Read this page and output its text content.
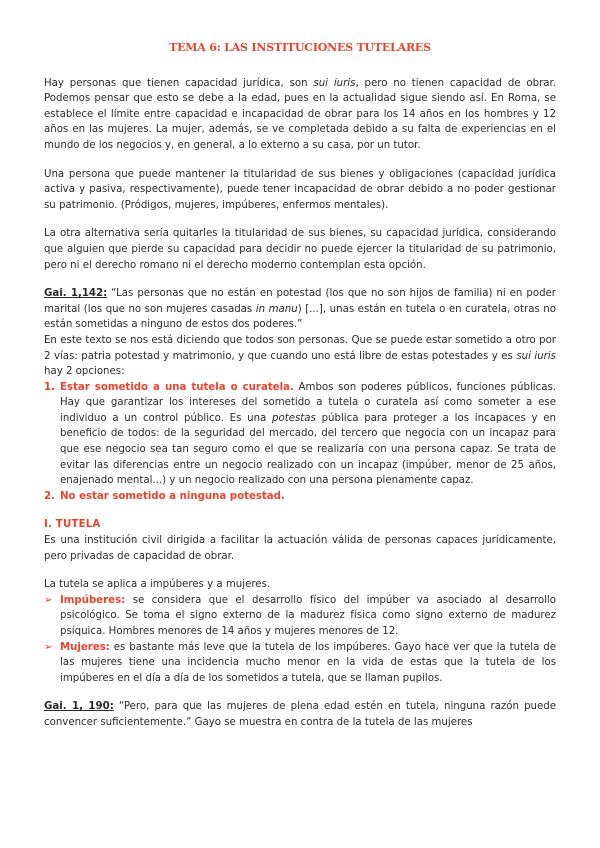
TEMA 6: LAS INSTITUCIONES TUTELARES

Hay personas que tienen capacidad jurídica, son sui iuris, pero no tienen capacidad de obrar. Podemos pensar que esto se debe a la edad, pues en la actualidad sigue siendo así. En Roma, se establece el límite entre capacidad e incapacidad de obrar para los 14 años en los hombres y 12 años en las mujeres. La mujer, además, se ve completada debido a su falta de experiencias en el mundo de los negocios y, en general, a lo externo a su casa, por un tutor.

Una persona que puede mantener la titularidad de sus bienes y obligaciones (capacidad jurídica activa y pasiva, respectivamente), puede tener incapacidad de obrar debido a no poder gestionar su patrimonio. (Pródigos, mujeres, impúberes, enfermos mentales).

La otra alternativa sería quitarles la titularidad de sus bienes, su capacidad jurídica, considerando que alguien que pierde su capacidad para decidir no puede ejercer la titularidad de su patrimonio, pero ni el derecho romano ni el derecho moderno contemplan esta opción.

Gai. 1,142: “Las personas que no están en potestad (los que no son hijos de familia) ni en poder marital (los que no son mujeres casadas in manu) [...], unas están en tutela o en curatela, otras no están sometidas a ninguno de estos dos poderes.”

En este texto se nos está diciendo que todos son personas. Que se puede estar sometido a otro por 2 vías: patria potestad y matrimonio, y que cuando uno está libre de estas potestades y es sui iuris hay 2 opciones:

1. Estar sometido a una tutela o curatela. Ambos son poderes públicos, funciones públicas. Hay que garantizar los intereses del sometido a tutela o curatela así como someter a ese individuo a un control público. Es una potestas pública para proteger a los incapaces y en beneficio de todos: de la seguridad del mercado, del tercero que negocia con un incapaz para que ese negocio sea tan seguro como el que se realizaría con una persona capaz. Se trata de evitar las diferencias entre un negocio realizado con un incapaz (impúber, menor de 25 años, enajenado mental...) y un negocio realizado con una persona plenamente capaz.
2. No estar sometido a ninguna potestad.
I. TUTELA

Es una institución civil dirigida a facilitar la actuación válida de personas capaces jurídicamente, pero privadas de capacidad de obrar.

La tutela se aplica a impúberes y a mujeres.

➢ Impúberes: se considera que el desarrollo físico del impúber va asociado al desarrollo psicológico. Se toma el signo externo de la madurez física como signo externo de madurez psíquica. Hombres menores de 14 años y mujeres menores de 12.
➢ Mujeres: es bastante más leve que la tutela de los impúberes. Gayo hace ver que la tutela de las mujeres tiene una incidencia mucho menor en la vida de estas que la tutela de los impúberes en el día a día de los sometidos a tutela, que se llaman pupilos.

Gai. 1, 190: “Pero, para que las mujeres de plena edad estén en tutela, ninguna razón puede convencer suficientemente.” Gayo se muestra en contra de la tutela de las mujeres
